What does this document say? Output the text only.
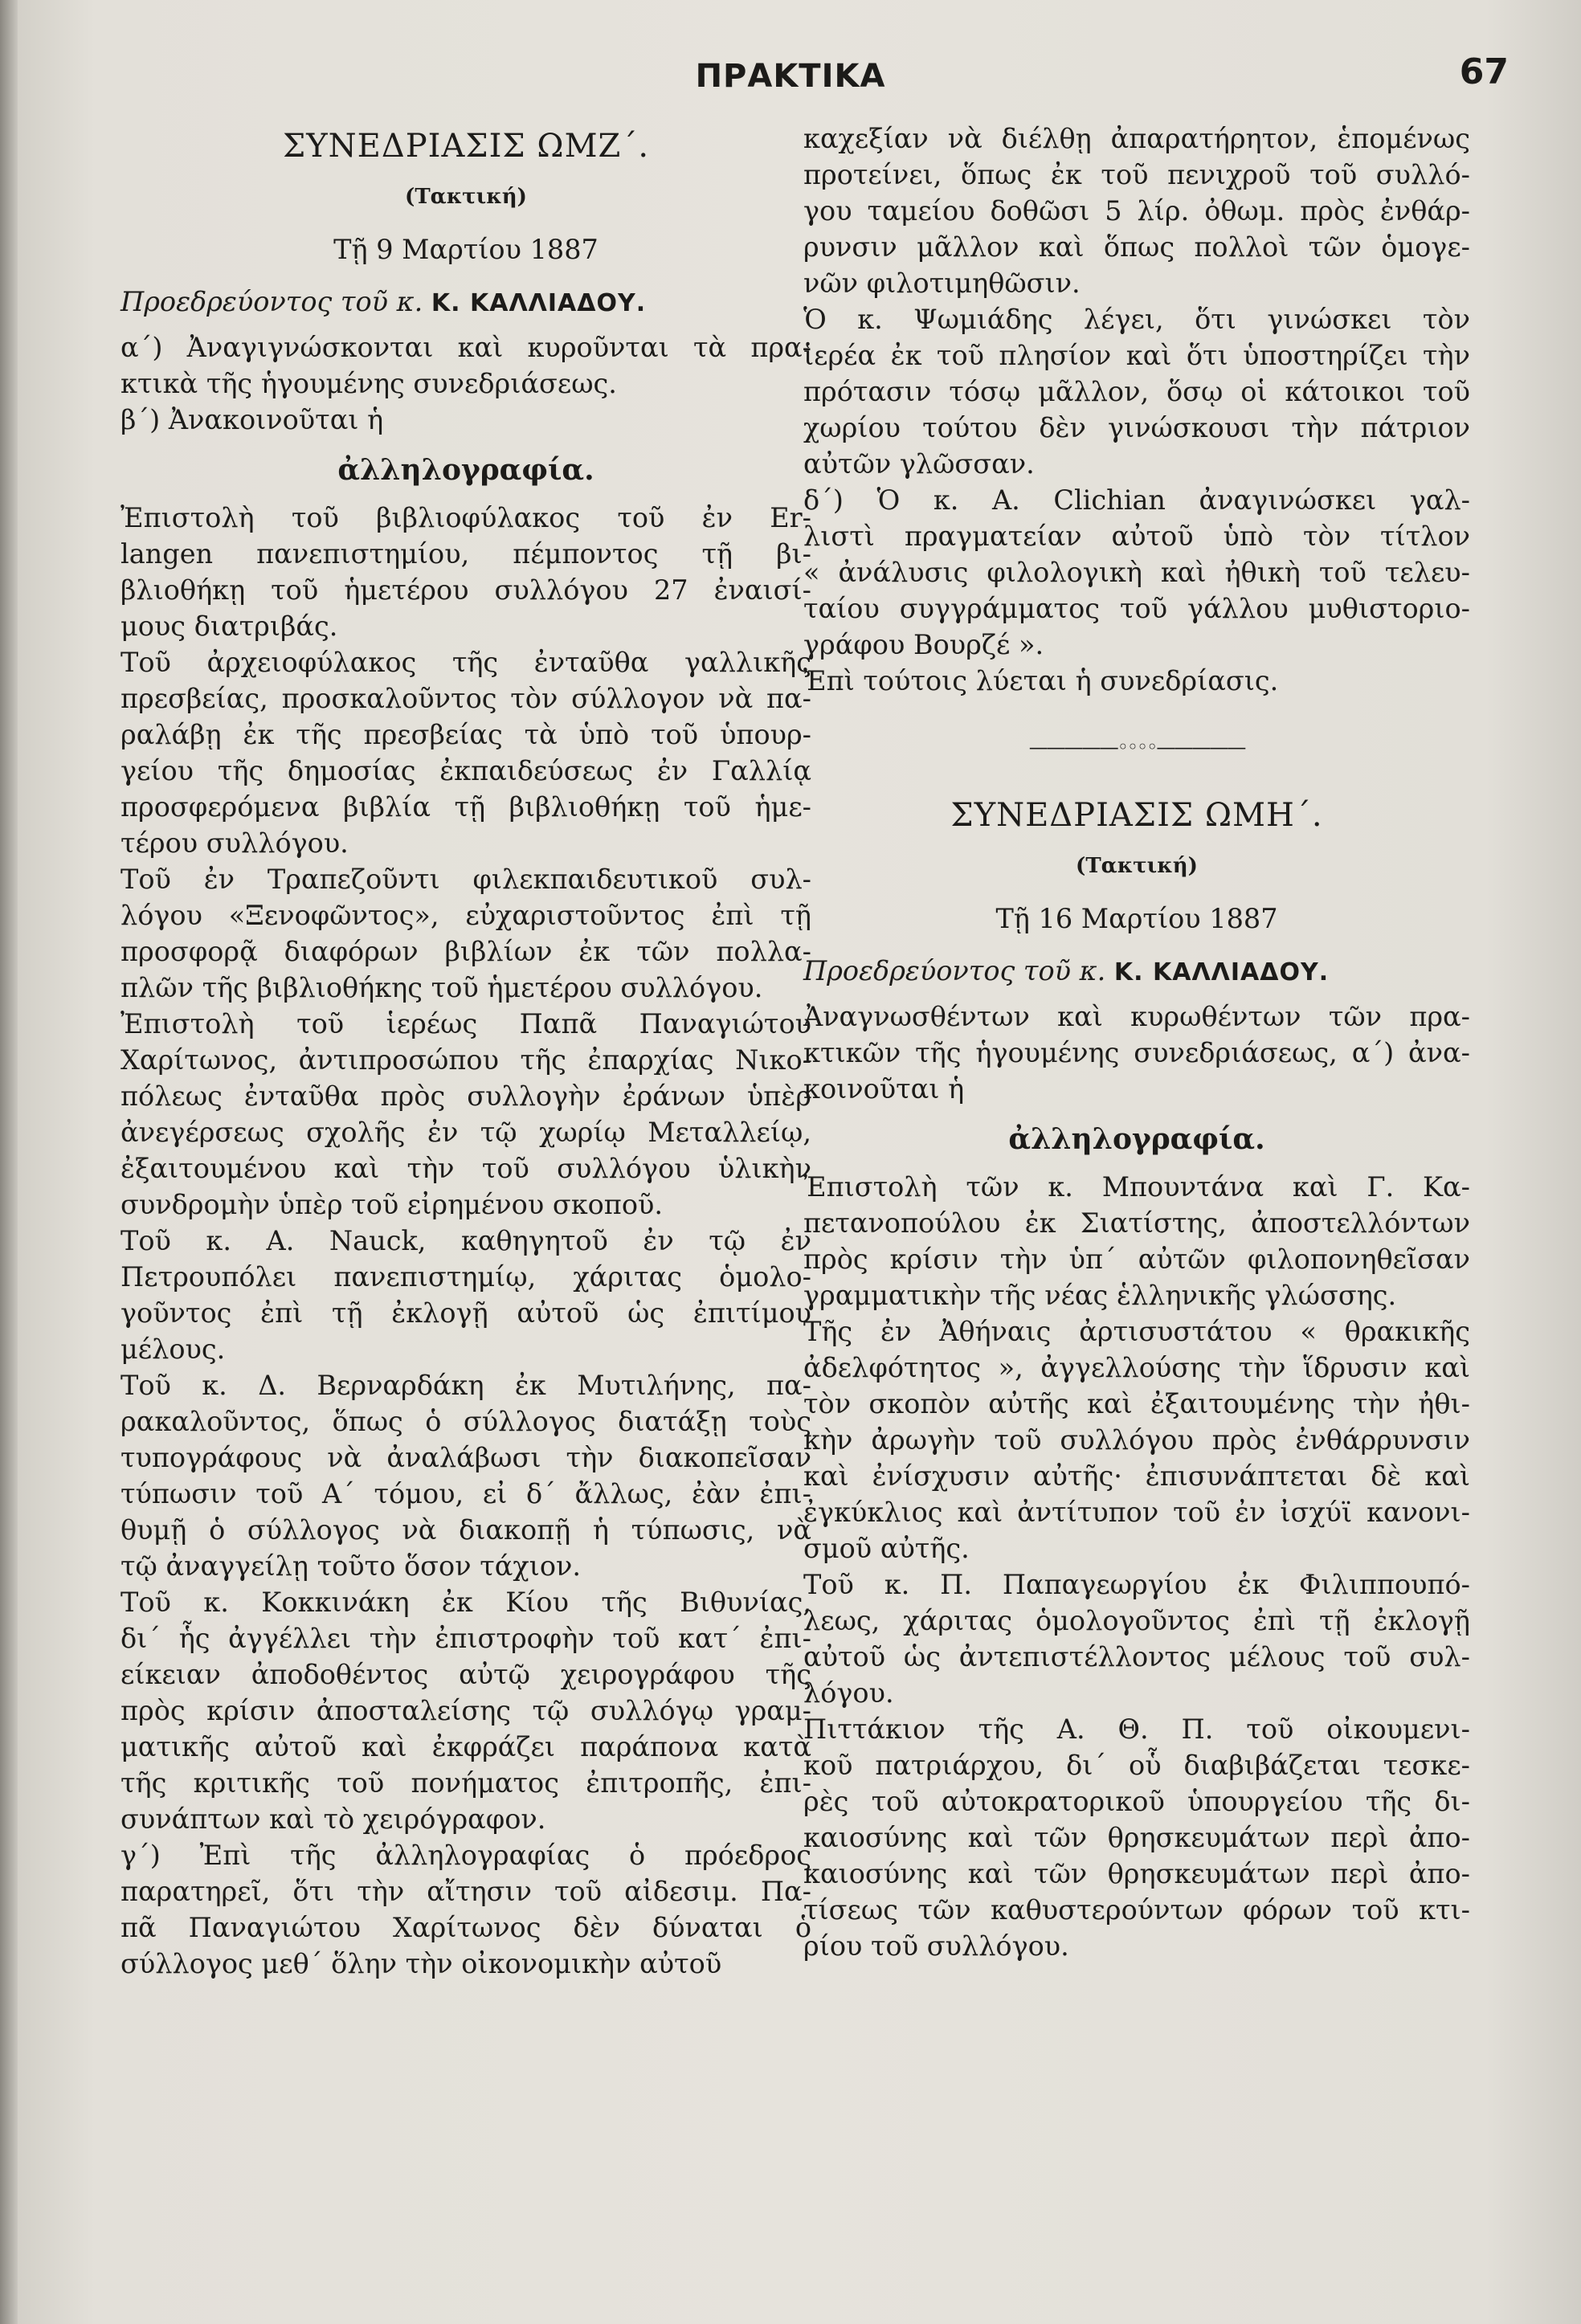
ΠΡΑΚΤΙΚΑ	67
ΣΥΝΕΔΡΙΑΣΙΣ ΩΜΖ΄.
(Τακτική)
Τῇ 9 Μαρτίου 1887
Προεδρεύοντος τοῦ κ. Κ. ΚΑΛΛΙΑΔΟΥ.
α΄) Ἀναγιγνώσκονται καὶ κυροῦνται τὰ πρα-
κτικὰ τῆς ἡγουμένης συνεδριάσεως.
β΄) Ἀνακοινοῦται ἡ
ἀλληλογραφία.
Ἐπιστολὴ τοῦ βιβλιοφύλακος τοῦ ἐν Er-
langen πανεπιστημίου, πέμποντος τῇ βι-
βλιοθήκῃ τοῦ ἡμετέρου συλλόγου 27 ἐναισί-
μους διατριβάς.
Τοῦ ἀρχειοφύλακος τῆς ἐνταῦθα γαλλικῆς
πρεσβείας, προσκαλοῦντος τὸν σύλλογον νὰ πα-
ραλάβῃ ἐκ τῆς πρεσβείας τὰ ὑπὸ τοῦ ὑπουρ-
γείου τῆς δημοσίας ἐκπαιδεύσεως ἐν Γαλλίᾳ
προσφερόμενα βιβλία τῇ βιβλιοθήκῃ τοῦ ἡμε-
τέρου συλλόγου.
Τοῦ ἐν Τραπεζοῦντι φιλεκπαιδευτικοῦ συλ-
λόγου «Ξενοφῶντος», εὐχαριστοῦντος ἐπὶ τῇ
προσφορᾷ διαφόρων βιβλίων ἐκ τῶν πολλα-
πλῶν τῆς βιβλιοθήκης τοῦ ἡμετέρου συλλόγου.
Ἐπιστολὴ τοῦ ἱερέως Παπᾶ Παναγιώτου
Χαρίτωνος, ἀντιπροσώπου τῆς ἐπαρχίας Νικο-
πόλεως ἐνταῦθα πρὸς συλλογὴν ἐράνων ὑπὲρ
ἀνεγέρσεως σχολῆς ἐν τῷ χωρίῳ Μεταλλείῳ,
ἐξαιτουμένου καὶ τὴν τοῦ συλλόγου ὑλικὴν
συνδρομὴν ὑπὲρ τοῦ εἰρημένου σκοποῦ.
Τοῦ κ. Α. Nauck, καθηγητοῦ ἐν τῷ ἐν
Πετρουπόλει πανεπιστημίῳ, χάριτας ὁμολο-
γοῦντος ἐπὶ τῇ ἐκλογῇ αὐτοῦ ὡς ἐπιτίμου
μέλους.
Τοῦ κ. Δ. Βερναρδάκη ἐκ Μυτιλήνης, πα-
ρακαλοῦντος, ὅπως ὁ σύλλογος διατάξῃ τοὺς
τυπογράφους νὰ ἀναλάβωσι τὴν διακοπεῖσαν
τύπωσιν τοῦ Α΄ τόμου, εἰ δ΄ ἄλλως, ἐὰν ἐπι-
θυμῇ ὁ σύλλογος νὰ διακοπῇ ἡ τύπωσις, νὰ
τῷ ἀναγγείλῃ τοῦτο ὅσον τάχιον.
Τοῦ κ. Κοκκινάκη ἐκ Κίου τῆς Βιθυνίας,
δι΄ ἧς ἀγγέλλει τὴν ἐπιστροφὴν τοῦ κατ΄ ἐπι-
είκειαν ἀποδοθέντος αὐτῷ χειρογράφου τῆς
πρὸς κρίσιν ἀποσταλείσης τῷ συλλόγῳ γραμ-
ματικῆς αὐτοῦ καὶ ἐκφράζει παράπονα κατὰ
τῆς κριτικῆς τοῦ πονήματος ἐπιτροπῆς, ἐπι-
συνάπτων καὶ τὸ χειρόγραφον.
γ΄) Ἐπὶ τῆς ἀλληλογραφίας ὁ πρόεδρος
παρατηρεῖ, ὅτι τὴν αἴτησιν τοῦ αἰδεσιμ. Πα-
πᾶ Παναγιώτου Χαρίτωνος δὲν δύναται ὁ
σύλλογος μεθ΄ ὅλην τὴν οἰκονομικὴν αὐτοῦ
καχεξίαν νὰ διέλθῃ ἀπαρατήρητον, ἑπομένως
προτείνει, ὅπως ἐκ τοῦ πενιχροῦ τοῦ συλλό-
γου ταμείου δοθῶσι 5 λίρ. ὀθωμ. πρὸς ἐνθάρ-
ρυνσιν μᾶλλον καὶ ὅπως πολλοὶ τῶν ὁμογε-
νῶν φιλοτιμηθῶσιν.
Ὁ κ. Ψωμιάδης λέγει, ὅτι γινώσκει τὸν
ἱερέα ἐκ τοῦ πλησίον καὶ ὅτι ὑποστηρίζει τὴν
πρότασιν τόσῳ μᾶλλον, ὅσῳ οἱ κάτοικοι τοῦ
χωρίου τούτου δὲν γινώσκουσι τὴν πάτριον
αὐτῶν γλῶσσαν.
δ΄) Ὁ κ. Α. Clichian ἀναγινώσκει γαλ-
λιστὶ πραγματείαν αὐτοῦ ὑπὸ τὸν τίτλον
« ἀνάλυσις φιλολογικὴ καὶ ἠθικὴ τοῦ τελευ-
ταίου συγγράμματος τοῦ γάλλου μυθιστοριο-
γράφου Βουρζέ ».
Ἐπὶ τούτοις λύεται ἡ συνεδρίασις.
—————◦◦◦◦—————
ΣΥΝΕΔΡΙΑΣΙΣ ΩΜΗ΄.
(Τακτική)
Τῇ 16 Μαρτίου 1887
Προεδρεύοντος τοῦ κ. Κ. ΚΑΛΛΙΑΔΟΥ.
Ἀναγνωσθέντων καὶ κυρωθέντων τῶν πρα-
κτικῶν τῆς ἡγουμένης συνεδριάσεως, α΄) ἀνα-
κοινοῦται ἡ
ἀλληλογραφία.
Ἐπιστολὴ τῶν κ. Μπουντάνα καὶ Γ. Κα-
πετανοπούλου ἐκ Σιατίστης, ἀποστελλόντων
πρὸς κρίσιν τὴν ὑπ΄ αὐτῶν φιλοπονηθεῖσαν
γραμματικὴν τῆς νέας ἑλληνικῆς γλώσσης.
Τῆς ἐν Ἀθήναις ἀρτισυστάτου « θρακικῆς
ἀδελφότητος », ἀγγελλούσης τὴν ἵδρυσιν καὶ
τὸν σκοπὸν αὐτῆς καὶ ἐξαιτουμένης τὴν ἠθι-
κὴν ἀρωγὴν τοῦ συλλόγου πρὸς ἐνθάρρυνσιν
καὶ ἐνίσχυσιν αὐτῆς· ἐπισυνάπτεται δὲ καὶ
ἐγκύκλιος καὶ ἀντίτυπον τοῦ ἐν ἰσχύϊ κανονι-
σμοῦ αὐτῆς.
Τοῦ κ. Π. Παπαγεωργίου ἐκ Φιλιππουπό-
λεως, χάριτας ὁμολογοῦντος ἐπὶ τῇ ἐκλογῇ
αὐτοῦ ὡς ἀντεπιστέλλοντος μέλους τοῦ συλ-
λόγου.
Πιττάκιον τῆς Α. Θ. Π. τοῦ οἰκουμενι-
κοῦ πατριάρχου, δι΄ οὗ διαβιβάζεται τεσκε-
ρὲς τοῦ αὐτοκρατορικοῦ ὑπουργείου τῆς δι-
καιοσύνης καὶ τῶν θρησκευμάτων περὶ ἀπο-
καιοσύνης καὶ τῶν θρησκευμάτων περὶ ἀπο-
τίσεως τῶν καθυστερούντων φόρων τοῦ κτι-
ρίου τοῦ συλλόγου.
